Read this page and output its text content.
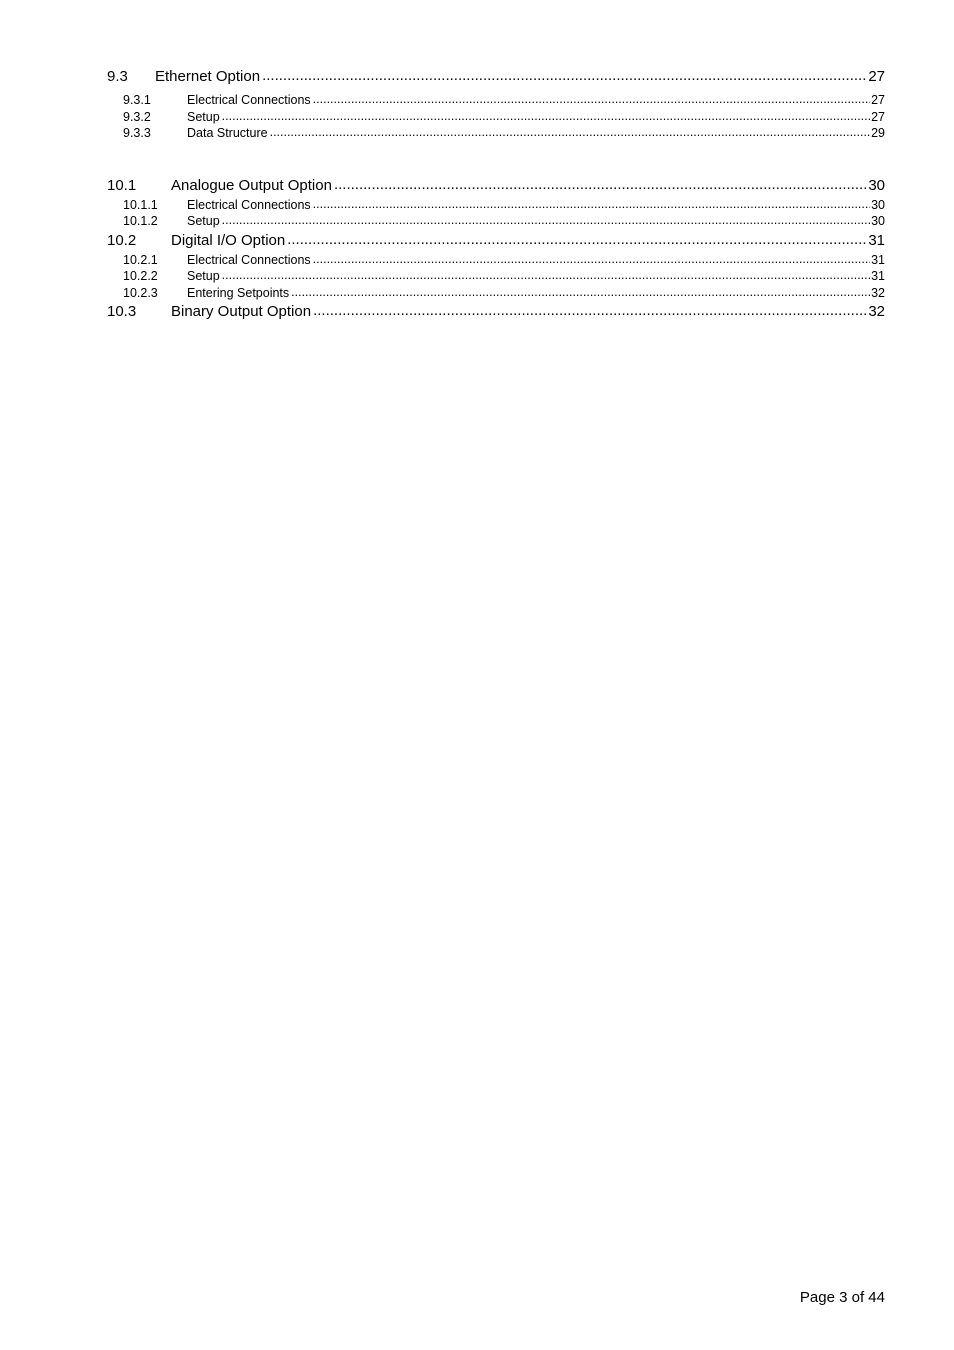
9.3	Ethernet Option .....	27
9.3.1	Electrical Connections .....	27
9.3.2	Setup .....	27
9.3.3	Data Structure .....	29
10.1	Analogue Output Option .....	30
10.1.1	Electrical Connections .....	30
10.1.2	Setup .....	30
10.2	Digital I/O Option .....	31
10.2.1	Electrical Connections .....	31
10.2.2	Setup .....	31
10.2.3	Entering Setpoints .....	32
10.3	Binary Output Option .....	32
Page 3 of 44
